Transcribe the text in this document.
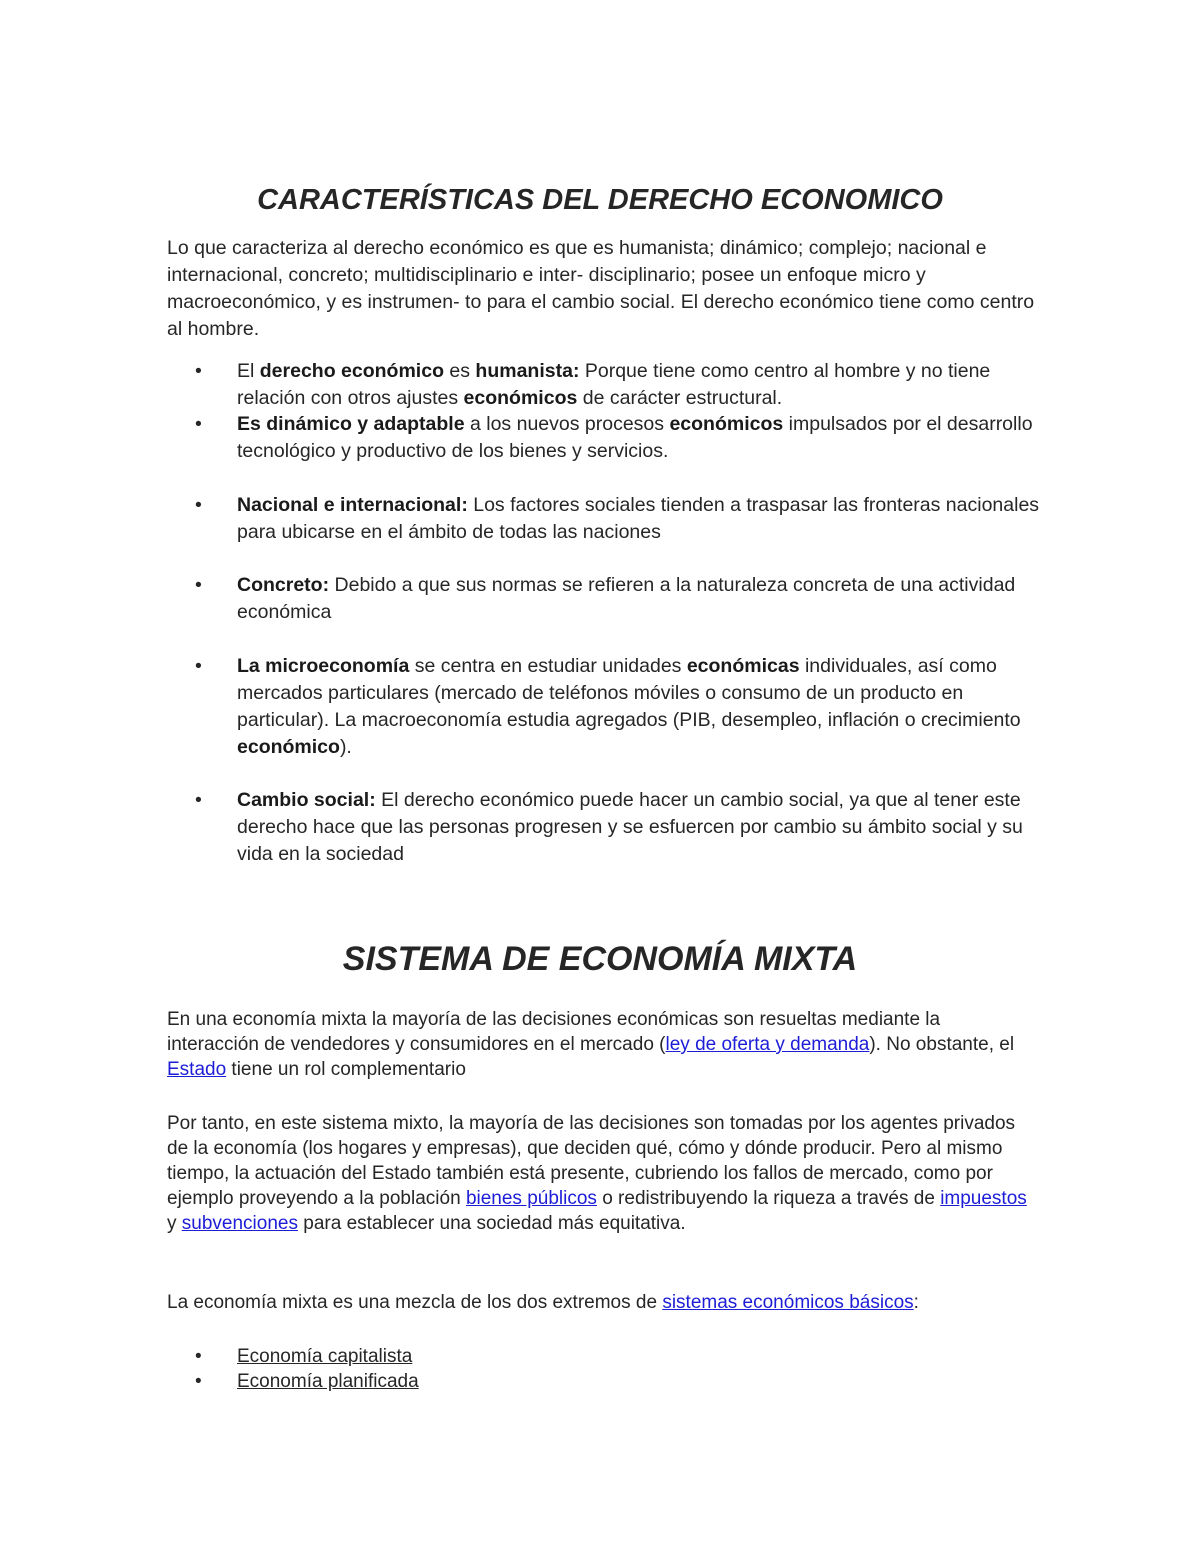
CARACTERÍSTICAS DEL DERECHO ECONOMICO

Lo que caracteriza al derecho económico es que es humanista; dinámico; complejo; nacional e internacional, concreto; multidisciplinario e inter- disciplinario; posee un enfoque micro y macroeconómico, y es instrumen- to para el cambio social. El derecho económico tiene como centro al hombre.

•	El derecho económico es humanista: Porque tiene como centro al hombre y no tiene relación con otros ajustes económicos de carácter estructural.
•	Es dinámico y adaptable a los nuevos procesos económicos impulsados por el desarrollo tecnológico y productivo de los bienes y servicios.
•	Nacional e internacional: Los factores sociales tienden a traspasar las fronteras nacionales para ubicarse en el ámbito de todas las naciones
•	Concreto: Debido a que sus normas se refieren a la naturaleza concreta de una actividad económica
•	La microeconomía se centra en estudiar unidades económicas individuales, así como mercados particulares (mercado de teléfonos móviles o consumo de un producto en particular). La macroeconomía estudia agregados (PIB, desempleo, inflación o crecimiento económico).
•	Cambio social: El derecho económico puede hacer un cambio social, ya que al tener este derecho hace que las personas progresen y se esfuercen por cambio su ámbito social y su vida en la sociedad
SISTEMA DE ECONOMÍA MIXTA

En una economía mixta la mayoría de las decisiones económicas son resueltas mediante la interacción de vendedores y consumidores en el mercado (ley de oferta y demanda). No obstante, el Estado tiene un rol complementario

Por tanto, en este sistema mixto, la mayoría de las decisiones son tomadas por los agentes privados de la economía (los hogares y empresas), que deciden qué, cómo y dónde producir. Pero al mismo tiempo, la actuación del Estado también está presente, cubriendo los fallos de mercado, como por ejemplo proveyendo a la población bienes públicos o redistribuyendo la riqueza a través de impuestos y subvenciones para establecer una sociedad más equitativa.

La economía mixta es una mezcla de los dos extremos de sistemas económicos básicos:

•	Economía capitalista
•	Economía planificada
